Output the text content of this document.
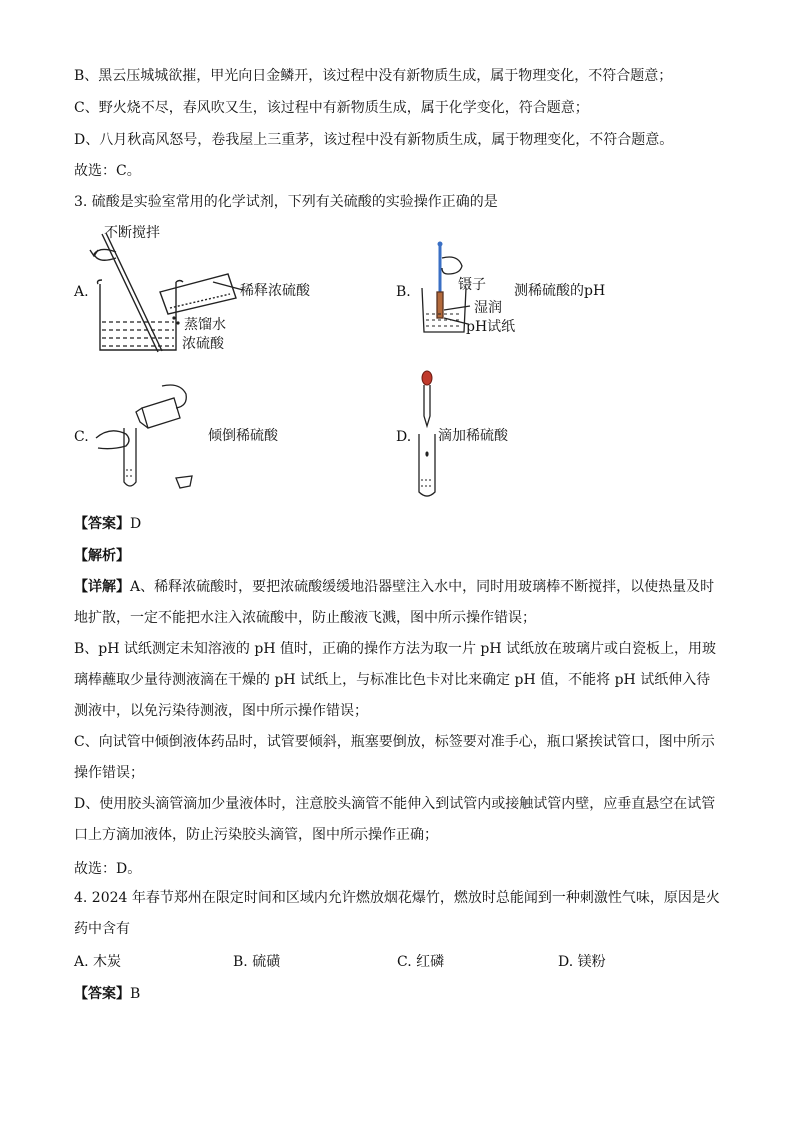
B、黑云压城城欲摧，甲光向日金鳞开，该过程中没有新物质生成，属于物理变化，不符合题意；
C、野火烧不尽，春风吹又生，该过程中有新物质生成，属于化学变化，符合题意；
D、八月秋高风怒号，卷我屋上三重茅，该过程中没有新物质生成，属于物理变化，不符合题意。
故选：C。
3. 硫酸是实验室常用的化学试剂，下列有关硫酸的实验操作正确的是
A.
不断搅拌
稀释浓硫酸
蒸馏水
浓硫酸
B.	镊子 测稀硫酸的pH
湿润
pH试纸
C.	倾倒稀硫酸	D. 滴加稀硫酸
【答案】D
【解析】
【详解】A、稀释浓硫酸时，要把浓硫酸缓缓地沿器壁注入水中，同时用玻璃棒不断搅拌，以使热量及时地扩散，一定不能把水注入浓硫酸中，防止酸液飞溅，图中所示操作错误；
B、pH 试纸测定未知溶液的 pH 值时，正确的操作方法为取一片 pH 试纸放在玻璃片或白瓷板上，用玻璃棒蘸取少量待测液滴在干燥的 pH 试纸上，与标准比色卡对比来确定 pH 值，不能将 pH 试纸伸入待测液中，以免污染待测液，图中所示操作错误；
C、向试管中倾倒液体药品时，试管要倾斜，瓶塞要倒放，标签要对准手心，瓶口紧挨试管口，图中所示操作错误；
D、使用胶头滴管滴加少量液体时，注意胶头滴管不能伸入到试管内或接触试管内壁，应垂直悬空在试管口上方滴加液体，防止污染胶头滴管，图中所示操作正确；
故选：D。
4. 2024 年春节郑州在限定时间和区域内允许燃放烟花爆竹，燃放时总能闻到一种刺激性气味，原因是火药中含有
A. 木炭	B. 硫磺	C. 红磷	D. 镁粉
【答案】B
